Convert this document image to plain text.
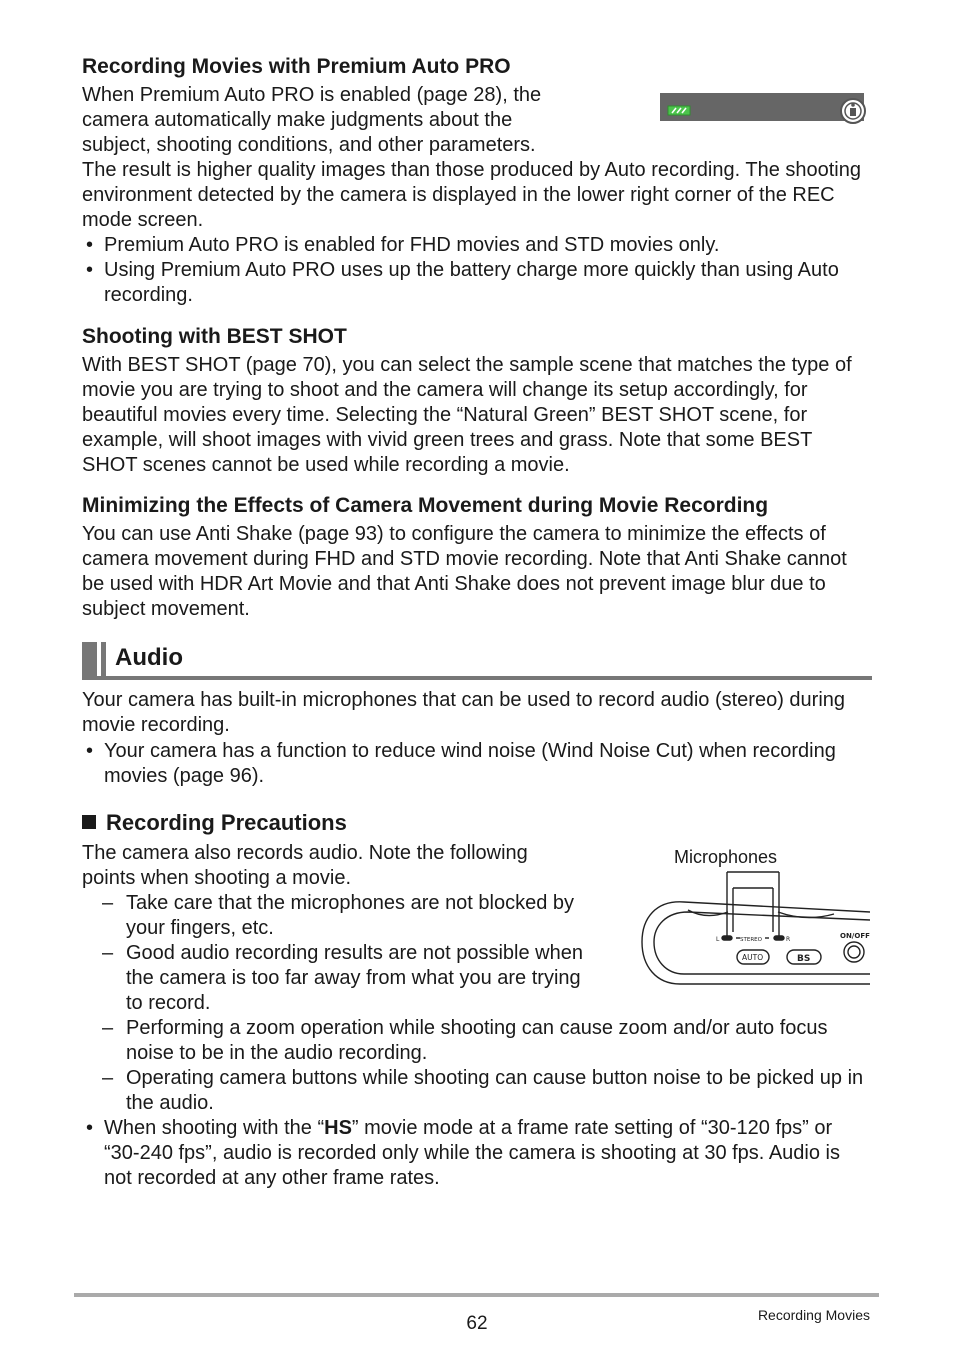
Recording Movies with Premium Auto PRO
When Premium Auto PRO is enabled (page 28), the
camera automatically make judgments about the
subject, shooting conditions, and other parameters.
The result is higher quality images than those produced by Auto recording. The shooting environment detected by the camera is displayed in the lower right corner of the REC mode screen.
• Premium Auto PRO is enabled for FHD movies and STD movies only.
• Using Premium Auto PRO uses up the battery charge more quickly than using Auto recording.
Shooting with BEST SHOT
With BEST SHOT (page 70), you can select the sample scene that matches the type of movie you are trying to shoot and the camera will change its setup accordingly, for beautiful movies every time. Selecting the “Natural Green” BEST SHOT scene, for example, will shoot images with vivid green trees and grass. Note that some BEST SHOT scenes cannot be used while recording a movie.
Minimizing the Effects of Camera Movement during Movie Recording
You can use Anti Shake (page 93) to configure the camera to minimize the effects of camera movement during FHD and STD movie recording. Note that Anti Shake cannot be used with HDR Art Movie and that Anti Shake does not prevent image blur due to subject movement.
Audio
Your camera has built-in microphones that can be used to record audio (stereo) during movie recording.
• Your camera has a function to reduce wind noise (Wind Noise Cut) when recording movies (page 96).
Recording Precautions
The camera also records audio. Note the following
points when shooting a movie.
– Take care that the microphones are not blocked by
your fingers, etc.
– Good audio recording results are not possible when
the camera is too far away from what you are trying
to record.
– Performing a zoom operation while shooting can cause zoom and/or auto focus noise to be in the audio recording.
– Operating camera buttons while shooting can cause button noise to be picked up in the audio.
• When shooting with the “HS” movie mode at a frame rate setting of “30-120 fps” or “30-240 fps”, audio is recorded only while the camera is shooting at 30 fps. Audio is not recorded at any other frame rates.
Microphones
L	STEREO	R	ON/OFF
AUTO	BS
62	Recording Movies
